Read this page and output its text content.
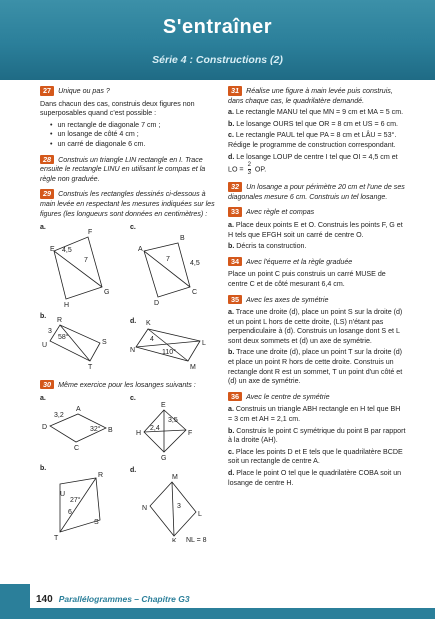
S'entraîner
Série 4 : Constructions (2)
27 Unique ou pas ?
Dans chacun des cas, construis deux figures non superposables quand c'est possible :
• un rectangle de diagonale 7 cm ;
• un losange de côté 4 cm ;
• un carré de diagonale 6 cm.
28 Construis un triangle LIN rectangle en I. Trace ensuite le rectangle LINU en utilisant le compas et la règle non graduée.
29 Construis les rectangles dessinés ci-dessous à main levée en respectant les mesures indiquées sur les figures (les longueurs sont données en centimètres) :
a.
E
F
G
H
4,5
7
c.
A
B
C
D
7
4,5
b.
R
S
T
U
3
58°
d. K
L
M
N
4
110°
30 Même exercice pour les losanges suivants :
a.
A
B
C
D
3,2
32°
c.
E
F
G
H
3,5
2,4
b.
R
S
T
U
6
27°
d.
M
L
K
N	3
NL = 8
31 Réalise une figure à main levée puis construis, dans chaque cas, le quadrilatère demandé.
a. Le rectangle MANU tel que MN = 9 cm et MA = 5 cm.
b. Le losange OURS tel que OR = 8 cm et US = 6 cm.
c. Le rectangle PAUL tel que PA = 8 cm et LÂU = 53°. Rédige le programme de construction correspondant.
d. Le losange LOUP de centre I tel que OI = 4,5 cm et LO = $\frac{2}{3}$ OP.
32 Un losange a pour périmètre 20 cm et l'une de ses diagonales mesure 6 cm. Construis un tel losange.
33 Avec règle et compas
a. Place deux points E et O. Construis les points F, G et H tels que EFGH soit un carré de centre O.
b. Décris ta construction.
34 Avec l'équerre et la règle graduée
Place un point C puis construis un carré MUSE de centre C et de côté mesurant 6,4 cm.
35 Avec les axes de symétrie
a. Trace une droite (d), place un point S sur la droite (d) et un point L hors de cette droite, (LS) n'étant pas perpendiculaire à (d). Construis un losange dont S et L sont deux sommets et (d) un axe de symétrie.
b. Trace une droite (d), place un point T sur la droite (d) et place un point R hors de cette droite. Construis un rectangle dont R est un sommet, T un point d'un côté et (d) un axe de symétrie.
36 Avec le centre de symétrie
a. Construis un triangle ABH rectangle en H tel que BH = 3 cm et AH = 2,1 cm.
b. Construis le point C symétrique du point B par rapport à la droite (AH).
c. Place les points D et E tels que le quadrilatère BCDE soit un rectangle de centre A.
d. Place le point O tel que le quadrilatère COBA soit un losange de centre H.
140 Parallélogrammes – Chapitre G3
